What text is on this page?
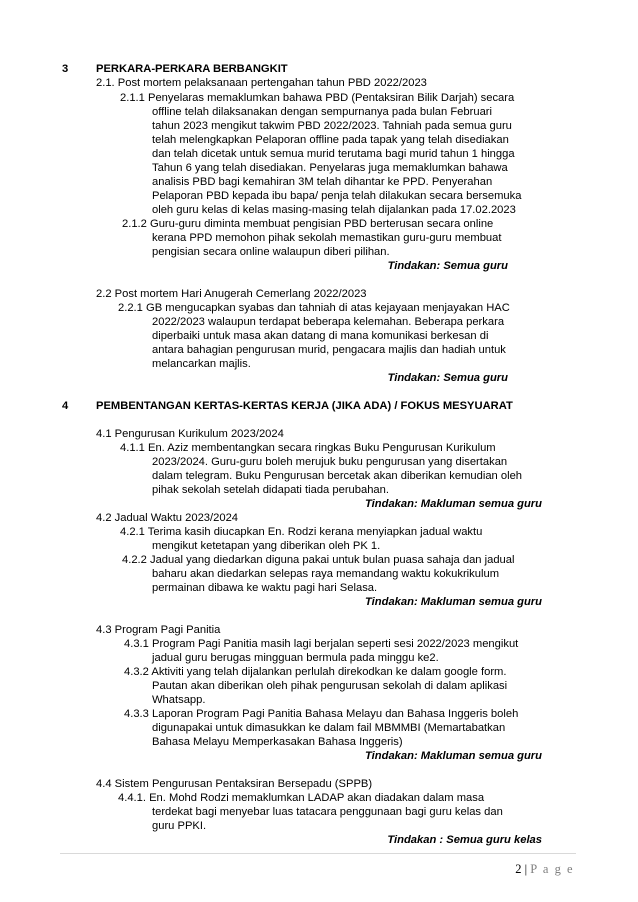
3 PERKARA-PERKARA BERBANGKIT
2.1. Post mortem pelaksanaan pertengahan tahun PBD 2022/2023
2.1.1 Penyelaras memaklumkan bahawa PBD (Pentaksiran Bilik Darjah) secara
offline telah dilaksanakan dengan sempurnanya pada bulan Februari
tahun 2023 mengikut takwim PBD 2022/2023. Tahniah pada semua guru
telah melengkapkan Pelaporan offline pada tapak yang telah disediakan
dan telah dicetak untuk semua murid terutama bagi murid tahun 1 hingga
Tahun 6 yang telah disediakan. Penyelaras juga memaklumkan bahawa
analisis PBD bagi kemahiran 3M telah dihantar ke PPD. Penyerahan
Pelaporan PBD kepada ibu bapa/ penja telah dilakukan secara bersemuka
oleh guru kelas di kelas masing-masing telah dijalankan pada 17.02.2023
2.1.2 Guru-guru diminta membuat pengisian PBD berterusan secara online
kerana PPD memohon pihak sekolah memastikan guru-guru membuat
pengisian secara online walaupun diberi pilihan.
Tindakan: Semua guru
2.2 Post mortem Hari Anugerah Cemerlang 2022/2023
2.2.1 GB mengucapkan syabas dan tahniah di atas kejayaan menjayakan HAC
2022/2023 walaupun terdapat beberapa kelemahan. Beberapa perkara
diperbaiki untuk masa akan datang di mana komunikasi berkesan di
antara bahagian pengurusan murid, pengacara majlis dan hadiah untuk
melancarkan majlis.
Tindakan: Semua guru
4 PEMBENTANGAN KERTAS-KERTAS KERJA (JIKA ADA) / FOKUS MESYUARAT
4.1 Pengurusan Kurikulum 2023/2024
4.1.1 En. Aziz membentangkan secara ringkas Buku Pengurusan Kurikulum
2023/2024. Guru-guru boleh merujuk buku pengurusan yang disertakan
dalam telegram. Buku Pengurusan bercetak akan diberikan kemudian oleh
pihak sekolah setelah didapati tiada perubahan.
Tindakan: Makluman semua guru
4.2 Jadual Waktu 2023/2024
4.2.1 Terima kasih diucapkan En. Rodzi kerana menyiapkan jadual waktu
mengikut ketetapan yang diberikan oleh PK 1.
4.2.2 Jadual yang diedarkan diguna pakai untuk bulan puasa sahaja dan jadual
baharu akan diedarkan selepas raya memandang waktu kokukrikulum
permainan dibawa ke waktu pagi hari Selasa.
Tindakan: Makluman semua guru
4.3 Program Pagi Panitia
4.3.1 Program Pagi Panitia masih lagi berjalan seperti sesi 2022/2023 mengikut
jadual guru berugas mingguan bermula pada minggu ke2.
4.3.2 Aktiviti yang telah dijalankan perlulah direkodkan ke dalam google form.
Pautan akan diberikan oleh pihak pengurusan sekolah di dalam aplikasi
Whatsapp.
4.3.3 Laporan Program Pagi Panitia Bahasa Melayu dan Bahasa Inggeris boleh
digunapakai untuk dimasukkan ke dalam fail MBMMBI (Memartabatkan
Bahasa Melayu Memperkasakan Bahasa Inggeris)
Tindakan: Makluman semua guru
4.4 Sistem Pengurusan Pentaksiran Bersepadu (SPPB)
4.4.1. En. Mohd Rodzi memaklumkan LADAP akan diadakan dalam masa
terdekat bagi menyebar luas tatacara penggunaan bagi guru kelas dan
guru PPKI.
Tindakan : Semua guru kelas
2 | P a g e
